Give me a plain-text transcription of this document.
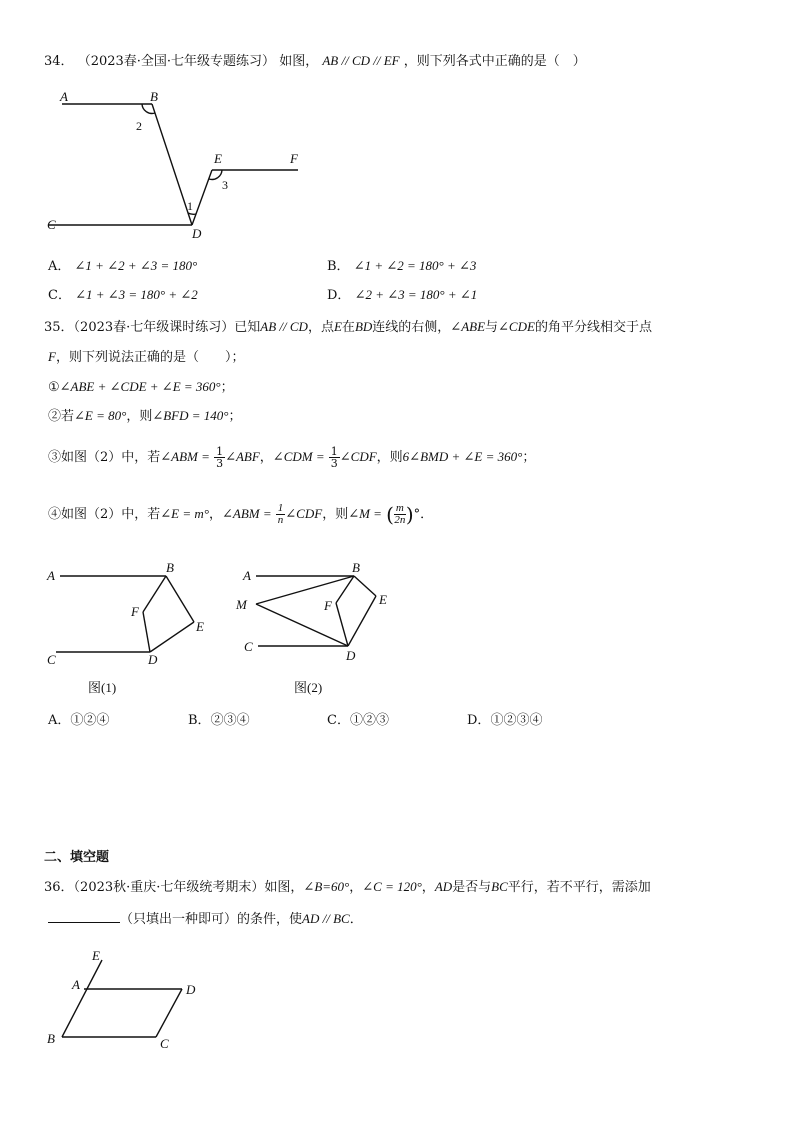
34． （2023春·全国·七年级专题练习） 如图， AB // CD // EF ，则下列各式中正确的是（　）
A	B
2
E	F
3
1
C
D
A
B
F
E
C	D
图(1)
A
B
M	F	E
C
D
图(2)
E
A	D
B	C
A． ∠1 + ∠2 + ∠3 = 180°	B． ∠1 + ∠2 = 180° + ∠3
C． ∠1 + ∠3 = 180° + ∠2	D． ∠2 + ∠3 = 180° + ∠1
35．（2023春·七年级课时练习）已知AB // CD，点E在BD连线的右侧，∠ABE与∠CDE的角平分线相交于点
F，则下列说法正确的是（　　）；
①∠ABE + ∠CDE + ∠E = 360°；
②若∠E = 80°，则∠BFD = 140°；
③如图（2）中，若∠ABM = $\frac{1}{3}$ ∠ABF，∠CDM = $\frac{1}{3}$ ∠CDF，则6∠BMD + ∠E = 360°；
④如图（2）中，若∠E = m°，∠ABM = $\frac{1}{n}$ ∠CDF，则∠M = ( $\frac{m}{2n}$ )°．
A．①②④	B．②③④	C．①②③	D．①②③④
二、填空题
36．（2023秋·重庆·七年级统考期末）如图，∠B=60°，∠C = 120°，AD是否与BC平行，若不平行，需添加
（只填出一种即可）的条件，使AD // BC．
